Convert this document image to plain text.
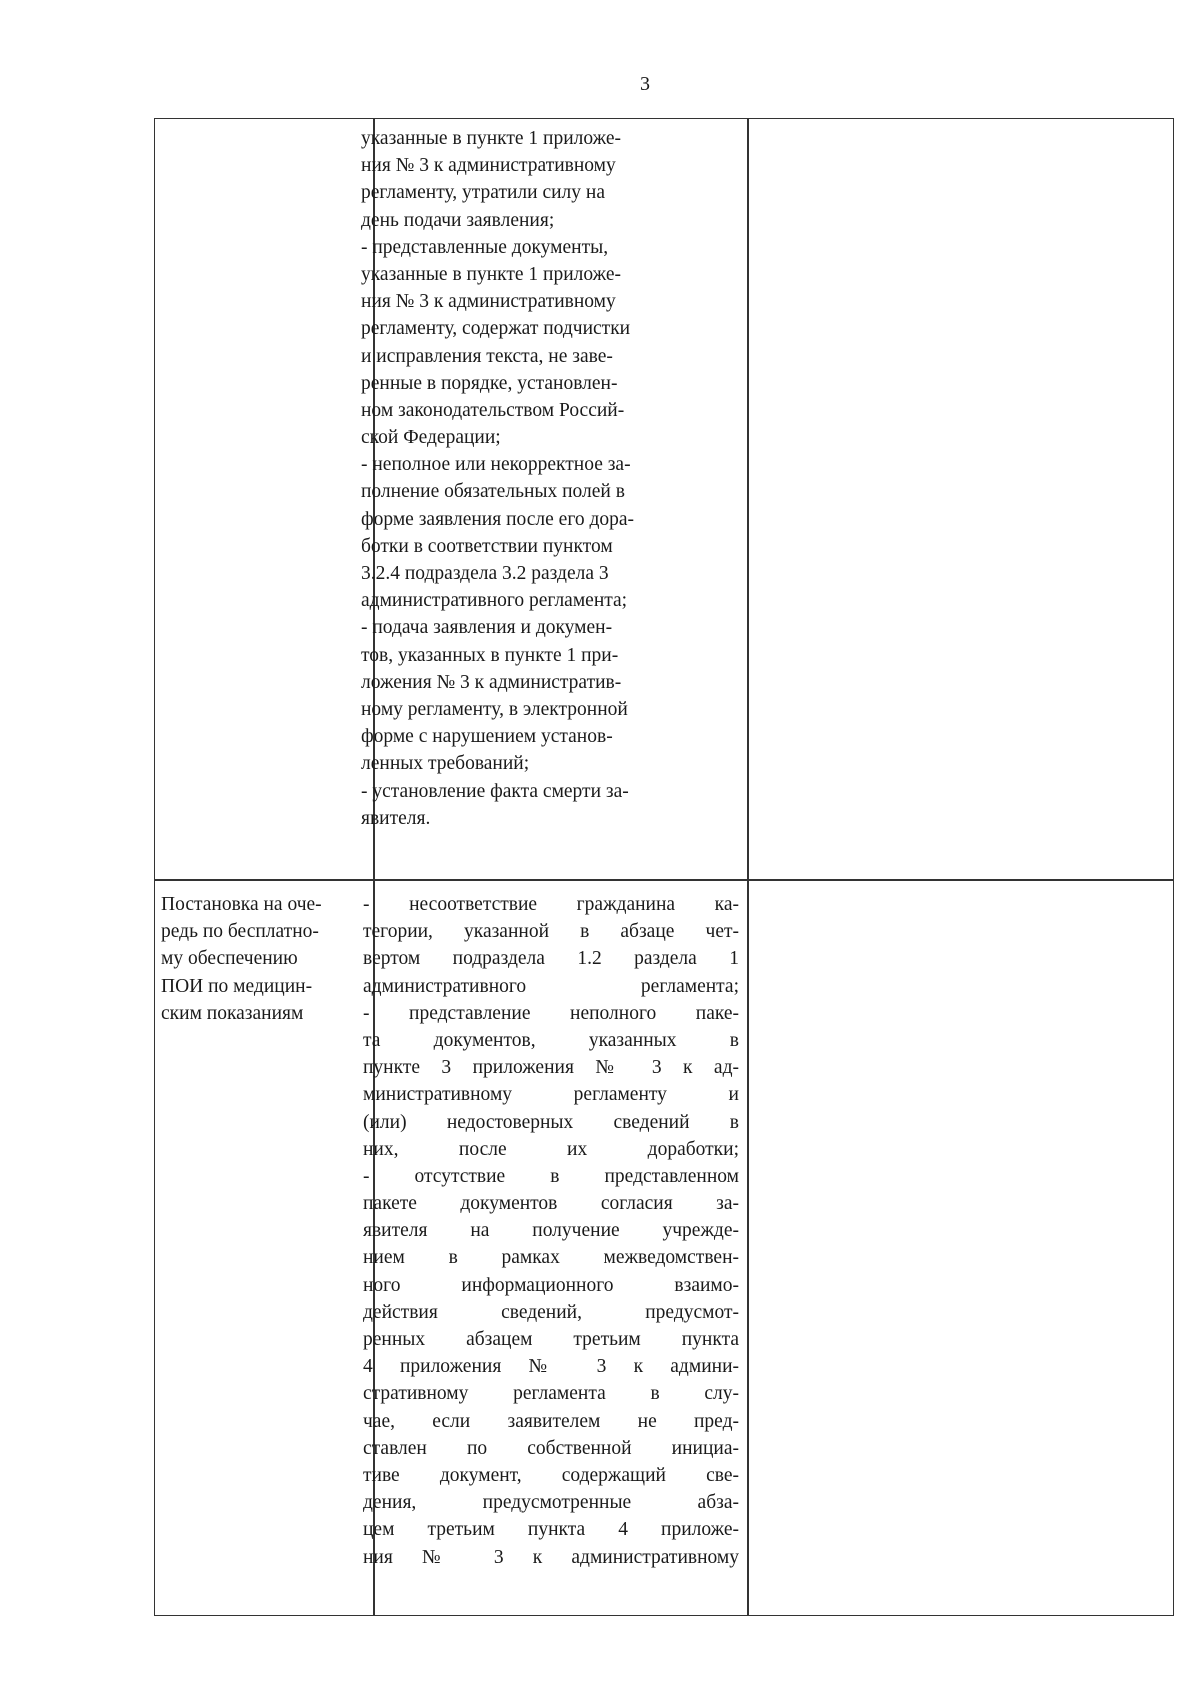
3
указанные в пункте 1 приложе-
ния № 3 к административному
регламенту, утратили силу на
день подачи заявления;
- представленные документы,
указанные в пункте 1 приложе-
ния № 3 к административному
регламенту, содержат подчистки
и исправления текста, не заве-
ренные в порядке, установлен-
ном законодательством Россий-
ской Федерации;
- неполное или некорректное за-
полнение обязательных полей в
форме заявления после его дора-
ботки в соответствии пунктом
3.2.4 подраздела 3.2 раздела 3
административного регламента;
- подача заявления и докумен-
тов, указанных в пункте 1 при-
ложения № 3 к административ-
ному регламенту, в электронной
форме с нарушением установ-
ленных требований;
- установление факта смерти за-
явителя.
Постановка на оче-
редь по бесплатно-
му обеспечению
ПОИ по медицин-
ским показаниям
- несоответствие гражданина ка-
тегории, указанной в абзаце чет-
вертом подраздела 1.2 раздела 1
административного регламента;
- представление неполного паке-
та документов, указанных в
пункте 3 приложения № 3 к ад-
министративному регламенту и
(или) недостоверных сведений в
них, после их доработки;
- отсутствие в представленном
пакете документов согласия за-
явителя на получение учрежде-
нием в рамках межведомствен-
ного информационного взаимо-
действия сведений, предусмот-
ренных абзацем третьим пункта
4 приложения № 3 к админи-
стративному регламента в слу-
чае, если заявителем не пред-
ставлен по собственной инициа-
тиве документ, содержащий све-
дения, предусмотренные абза-
цем третьим пункта 4 приложе-
ния № 3 к административному
